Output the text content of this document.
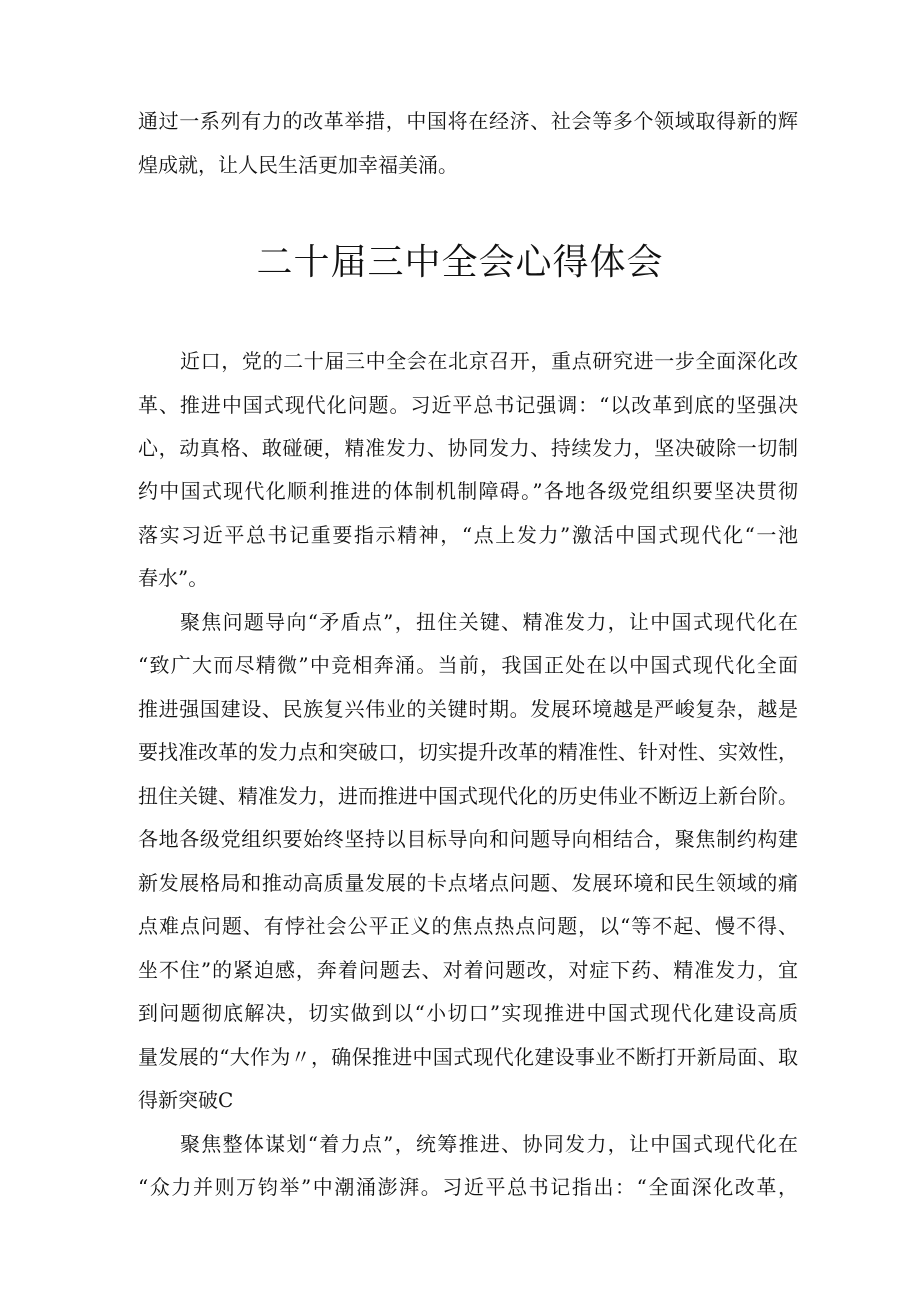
通过一系列有力的改革举措，中国将在经济、社会等多个领域取得新的辉
煌成就，让人民生活更加幸福美涌。
二十届三中全会心得体会
近口，党的二十届三中全会在北京召开，重点研究进一步全面深化改
革、推进中国式现代化问题。习近平总书记强调：“以改革到底的坚强决
心，动真格、敢碰硬，精准发力、协同发力、持续发力，坚决破除一切制
约中国式现代化顺利推进的体制机制障碍。”各地各级党组织要坚决贯彻
落实习近平总书记重要指示精神，“点上发力”激活中国式现代化“一池
春水”。
聚焦问题导向“矛盾点”，扭住关键、精准发力，让中国式现代化在
“致广大而尽精微”中竞相奔涌。当前，我国正处在以中国式现代化全面
推进强国建设、民族复兴伟业的关键时期。发展环境越是严峻复杂，越是
要找准改革的发力点和突破口，切实提升改革的精准性、针对性、实效性，
扭住关键、精准发力，进而推进中国式现代化的历史伟业不断迈上新台阶。
各地各级党组织要始终坚持以目标导向和问题导向相结合，聚焦制约构建
新发展格局和推动高质量发展的卡点堵点问题、发展环境和民生领域的痛
点难点问题、有悖社会公平正义的焦点热点问题，以“等不起、慢不得、
坐不住”的紧迫感，奔着问题去、对着问题改，对症下药、精准发力，宜
到问题彻底解决，切实做到以“小切口”实现推进中国式现代化建设高质
量发展的“大作为〃，确保推进中国式现代化建设事业不断打开新局面、取
得新突破C
聚焦整体谋划“着力点”，统筹推进、协同发力，让中国式现代化在
“众力并则万钧举”中潮涌澎湃。习近平总书记指出：“全面深化改革，
